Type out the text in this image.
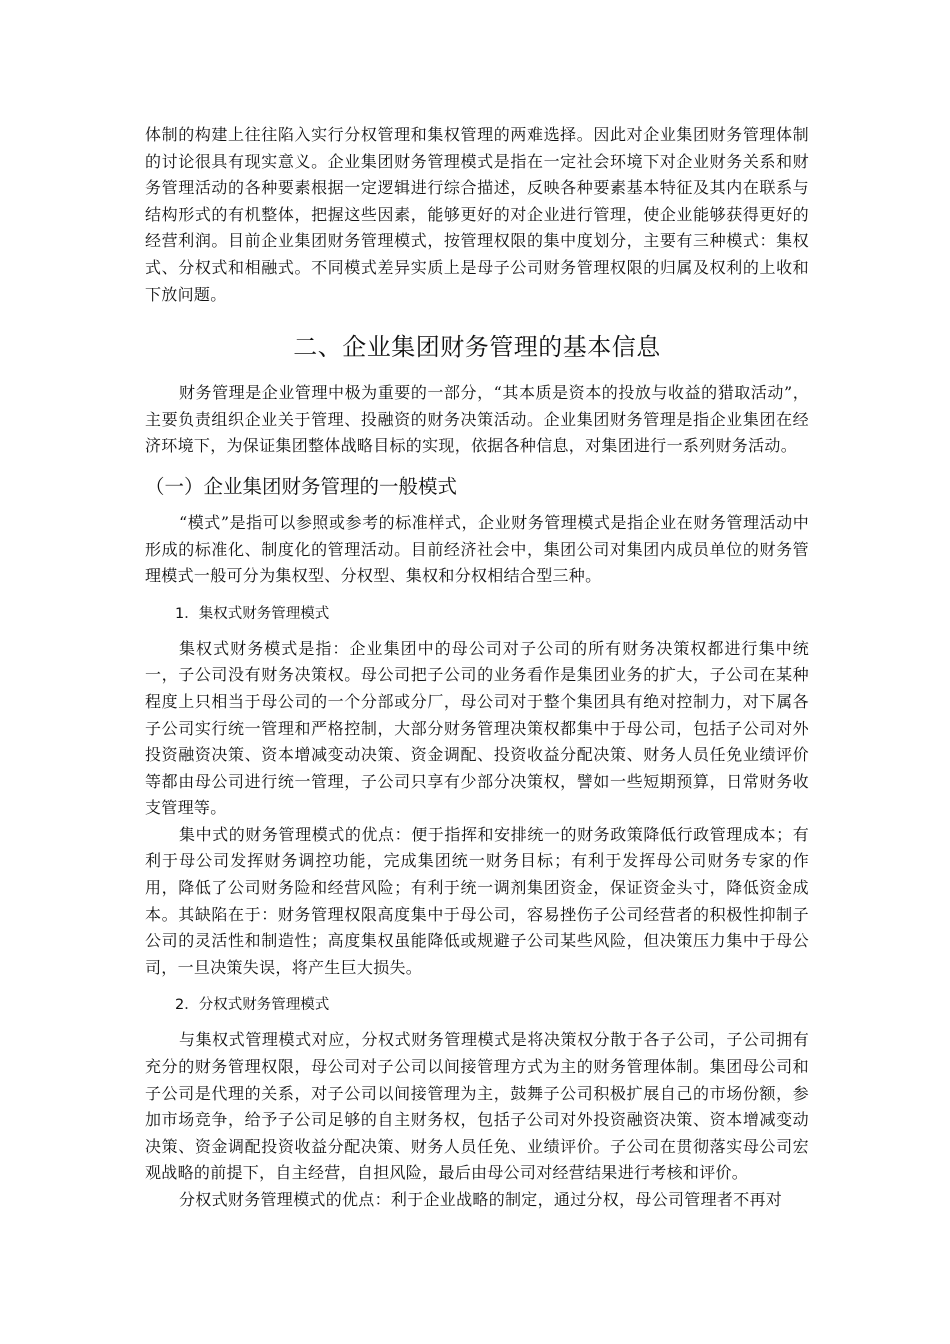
体制的构建上往往陷入实行分权管理和集权管理的两难选择。因此对企业集团财务管理体制的讨论很具有现实意义。企业集团财务管理模式是指在一定社会环境下对企业财务关系和财务管理活动的各种要素根据一定逻辑进行综合描述，反映各种要素基本特征及其内在联系与结构形式的有机整体，把握这些因素，能够更好的对企业进行管理，使企业能够获得更好的经营利润。目前企业集团财务管理模式，按管理权限的集中度划分，主要有三种模式：集权式、分权式和相融式。不同模式差异实质上是母子公司财务管理权限的归属及权利的上收和下放问题。

二、企业集团财务管理的基本信息

财务管理是企业管理中极为重要的一部分，“其本质是资本的投放与收益的猎取活动”，主要负责组织企业关于管理、投融资的财务决策活动。企业集团财务管理是指企业集团在经济环境下，为保证集团整体战略目标的实现，依据各种信息，对集团进行一系列财务活动。

（一）企业集团财务管理的一般模式

“模式”是指可以参照或参考的标准样式，企业财务管理模式是指企业在财务管理活动中形成的标准化、制度化的管理活动。目前经济社会中，集团公司对集团内成员单位的财务管理模式一般可分为集权型、分权型、集权和分权相结合型三种。

1．集权式财务管理模式

集权式财务模式是指：企业集团中的母公司对子公司的所有财务决策权都进行集中统一，子公司没有财务决策权。母公司把子公司的业务看作是集团业务的扩大，子公司在某种程度上只相当于母公司的一个分部或分厂，母公司对于整个集团具有绝对控制力，对下属各子公司实行统一管理和严格控制，大部分财务管理决策权都集中于母公司，包括子公司对外投资融资决策、资本增减变动决策、资金调配、投资收益分配决策、财务人员任免业绩评价等都由母公司进行统一管理，子公司只享有少部分决策权，譬如一些短期预算，日常财务收支管理等。

集中式的财务管理模式的优点：便于指挥和安排统一的财务政策降低行政管理成本；有利于母公司发挥财务调控功能，完成集团统一财务目标；有利于发挥母公司财务专家的作用，降低了公司财务险和经营风险；有利于统一调剂集团资金，保证资金头寸，降低资金成本。其缺陷在于：财务管理权限高度集中于母公司，容易挫伤子公司经营者的积极性抑制子公司的灵活性和制造性；高度集权虽能降低或规避子公司某些风险，但决策压力集中于母公司，一旦决策失误，将产生巨大损失。

2．分权式财务管理模式

与集权式管理模式对应，分权式财务管理模式是将决策权分散于各子公司，子公司拥有充分的财务管理权限，母公司对子公司以间接管理方式为主的财务管理体制。集团母公司和子公司是代理的关系，对子公司以间接管理为主，鼓舞子公司积极扩展自己的市场份额，参加市场竞争，给予子公司足够的自主财务权，包括子公司对外投资融资决策、资本增减变动决策、资金调配投资收益分配决策、财务人员任免、业绩评价。子公司在贯彻落实母公司宏观战略的前提下，自主经营，自担风险，最后由母公司对经营结果进行考核和评价。

分权式财务管理模式的优点：利于企业战略的制定，通过分权，母公司管理者不再对
